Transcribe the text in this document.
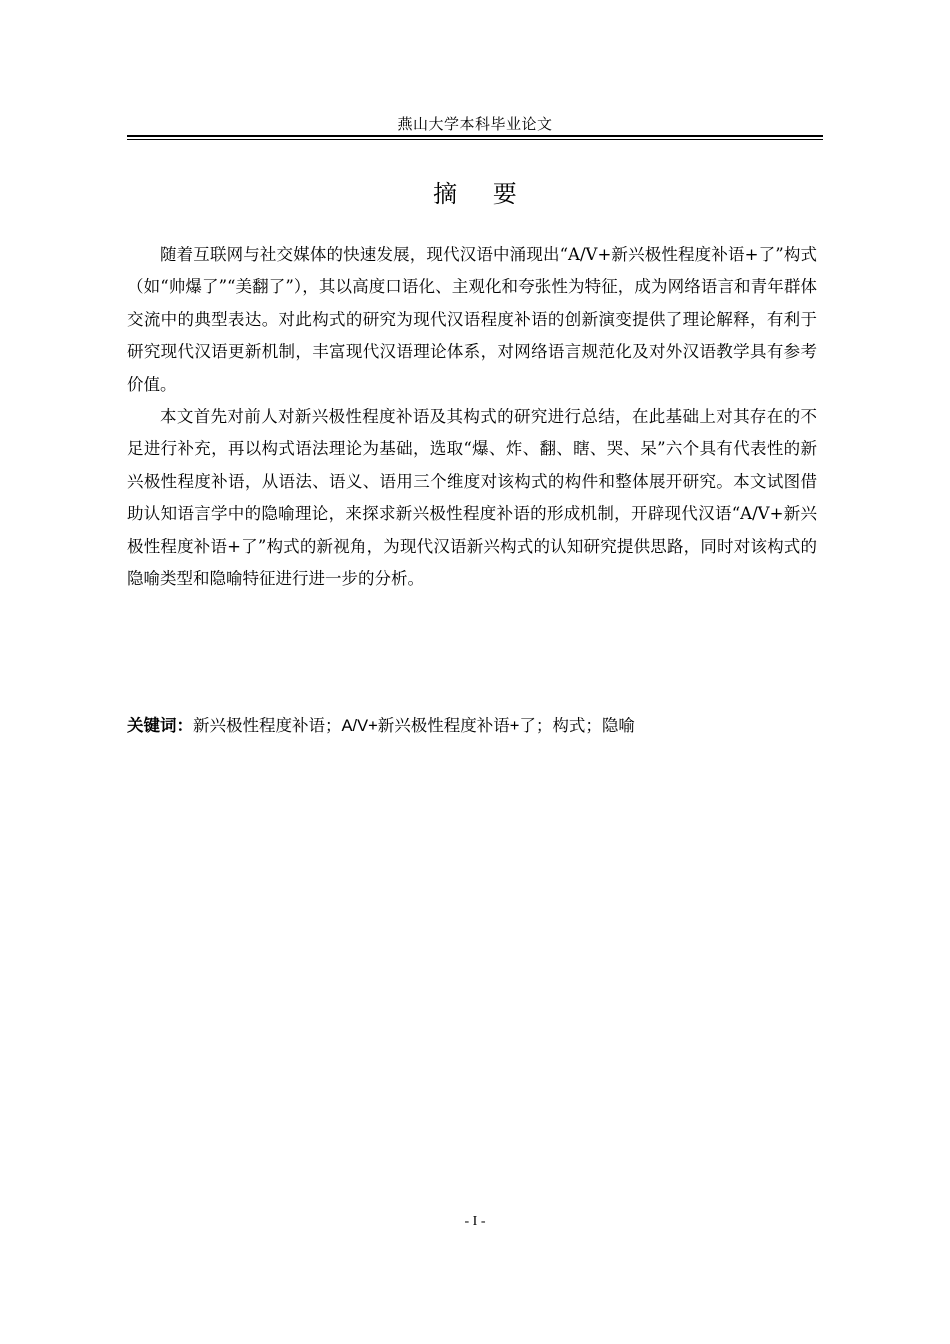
燕山大学本科毕业论文
摘 要

随着互联网与社交媒体的快速发展，现代汉语中涌现出“A/V+新兴极性程度补语+了”构式（如“帅爆了”“美翻了”），其以高度口语化、主观化和夸张性为特征，成为网络语言和青年群体交流中的典型表达。对此构式的研究为现代汉语程度补语的创新演变提供了理论解释，有利于研究现代汉语更新机制，丰富现代汉语理论体系，对网络语言规范化及对外汉语教学具有参考价值。

本文首先对前人对新兴极性程度补语及其构式的研究进行总结，在此基础上对其存在的不足进行补充，再以构式语法理论为基础，选取“爆、炸、翻、瞎、哭、呆”六个具有代表性的新兴极性程度补语，从语法、语义、语用三个维度对该构式的构件和整体展开研究。本文试图借助认知语言学中的隐喻理论，来探求新兴极性程度补语的形成机制，开辟现代汉语“A/V+新兴极性程度补语+了”构式的新视角，为现代汉语新兴构式的认知研究提供思路，同时对该构式的隐喻类型和隐喻特征进行进一步的分析。

关键词：新兴极性程度补语；A/V+新兴极性程度补语+了；构式；隐喻
- I -
